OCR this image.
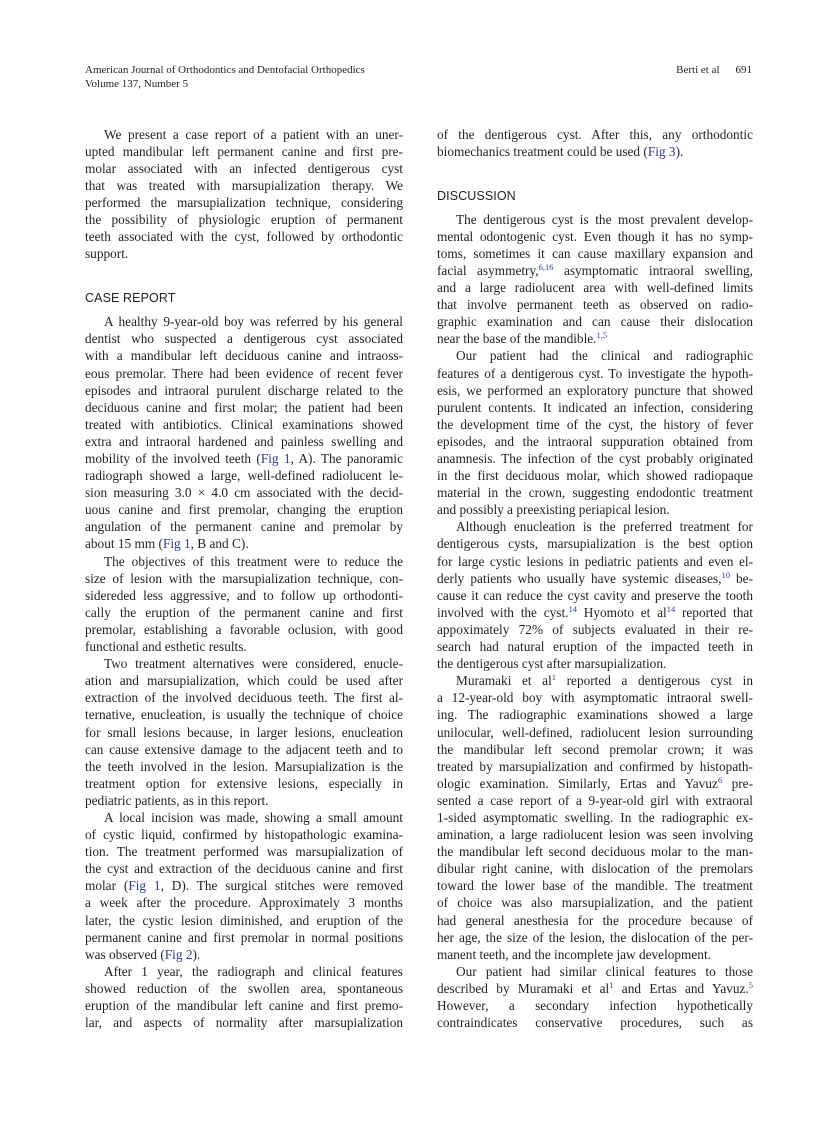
American Journal of Orthodontics and Dentofacial Orthopedics
Volume 137, Number 5
Berti et al 691
We present a case report of a patient with an uner-
upted mandibular left permanent canine and first pre-
molar associated with an infected dentigerous cyst
that was treated with marsupialization therapy. We
performed the marsupialization technique, considering
the possibility of physiologic eruption of permanent
teeth associated with the cyst, followed by orthodontic
support.
CASE REPORT
A healthy 9-year-old boy was referred by his general
dentist who suspected a dentigerous cyst associated
with a mandibular left deciduous canine and intraoss-
eous premolar. There had been evidence of recent fever
episodes and intraoral purulent discharge related to the
deciduous canine and first molar; the patient had been
treated with antibiotics. Clinical examinations showed
extra and intraoral hardened and painless swelling and
mobility of the involved teeth (Fig 1, A). The panoramic
radiograph showed a large, well-defined radiolucent le-
sion measuring 3.0 × 4.0 cm associated with the decid-
uous canine and first premolar, changing the eruption
angulation of the permanent canine and premolar by
about 15 mm (Fig 1, B and C).
The objectives of this treatment were to reduce the
size of lesion with the marsupialization technique, con-
sidereded less aggressive, and to follow up orthodonti-
cally the eruption of the permanent canine and first
premolar, establishing a favorable oclusion, with good
functional and esthetic results.
Two treatment alternatives were considered, enucle-
ation and marsupialization, which could be used after
extraction of the involved deciduous teeth. The first al-
ternative, enucleation, is usually the technique of choice
for small lesions because, in larger lesions, enucleation
can cause extensive damage to the adjacent teeth and to
the teeth involved in the lesion. Marsupialization is the
treatment option for extensive lesions, especially in
pediatric patients, as in this report.
A local incision was made, showing a small amount
of cystic liquid, confirmed by histopathologic examina-
tion. The treatment performed was marsupialization of
the cyst and extraction of the deciduous canine and first
molar (Fig 1, D). The surgical stitches were removed
a week after the procedure. Approximately 3 months
later, the cystic lesion diminished, and eruption of the
permanent canine and first premolar in normal positions
was observed (Fig 2).
After 1 year, the radiograph and clinical features
showed reduction of the swollen area, spontaneous
eruption of the mandibular left canine and first premo-
lar, and aspects of normality after marsupialization
of the dentigerous cyst. After this, any orthodontic
biomechanics treatment could be used (Fig 3).
DISCUSSION
The dentigerous cyst is the most prevalent develop-
mental odontogenic cyst. Even though it has no symp-
toms, sometimes it can cause maxillary expansion and
facial asymmetry,$^{6,16}$ asymptomatic intraoral swelling,
and a large radiolucent area with well-defined limits
that involve permanent teeth as observed on radio-
graphic examination and can cause their dislocation
near the base of the mandible.$^{1,5}$
Our patient had the clinical and radiographic
features of a dentigerous cyst. To investigate the hypoth-
esis, we performed an exploratory puncture that showed
purulent contents. It indicated an infection, considering
the development time of the cyst, the history of fever
episodes, and the intraoral suppuration obtained from
anamnesis. The infection of the cyst probably originated
in the first deciduous molar, which showed radiopaque
material in the crown, suggesting endodontic treatment
and possibly a preexisting periapical lesion.
Although enucleation is the preferred treatment for
dentigerous cysts, marsupialization is the best option
for large cystic lesions in pediatric patients and even el-
derly patients who usually have systemic diseases,$^{10}$ be-
cause it can reduce the cyst cavity and preserve the tooth
involved with the cyst.$^{14}$ Hyomoto et $al^{14}$ reported that
appoximately 72% of subjects evaluated in their re-
search had natural eruption of the impacted teeth in
the dentigerous cyst after marsupialization.
Muramaki et $al^1$ reported a dentigerous cyst in
a 12-year-old boy with asymptomatic intraoral swell-
ing. The radiographic examinations showed a large
unilocular, well-defined, radiolucent lesion surrounding
the mandibular left second premolar crown; it was
treated by marsupialization and confirmed by histopath-
ologic examination. Similarly, Ertas and Yavuz$^6$ pre-
sented a case report of a 9-year-old girl with extraoral
1-sided asymptomatic swelling. In the radiographic ex-
amination, a large radiolucent lesion was seen involving
the mandibular left second deciduous molar to the man-
dibular right canine, with dislocation of the premolars
toward the lower base of the mandible. The treatment
of choice was also marsupialization, and the patient
had general anesthesia for the procedure because of
her age, the size of the lesion, the dislocation of the per-
manent teeth, and the incomplete jaw development.
Our patient had similar clinical features to those
described by Muramaki et $al^1$ and Ertas and Yavuz.$^5$
However, a secondary infection hypothetically
contraindicates conservative procedures, such as
